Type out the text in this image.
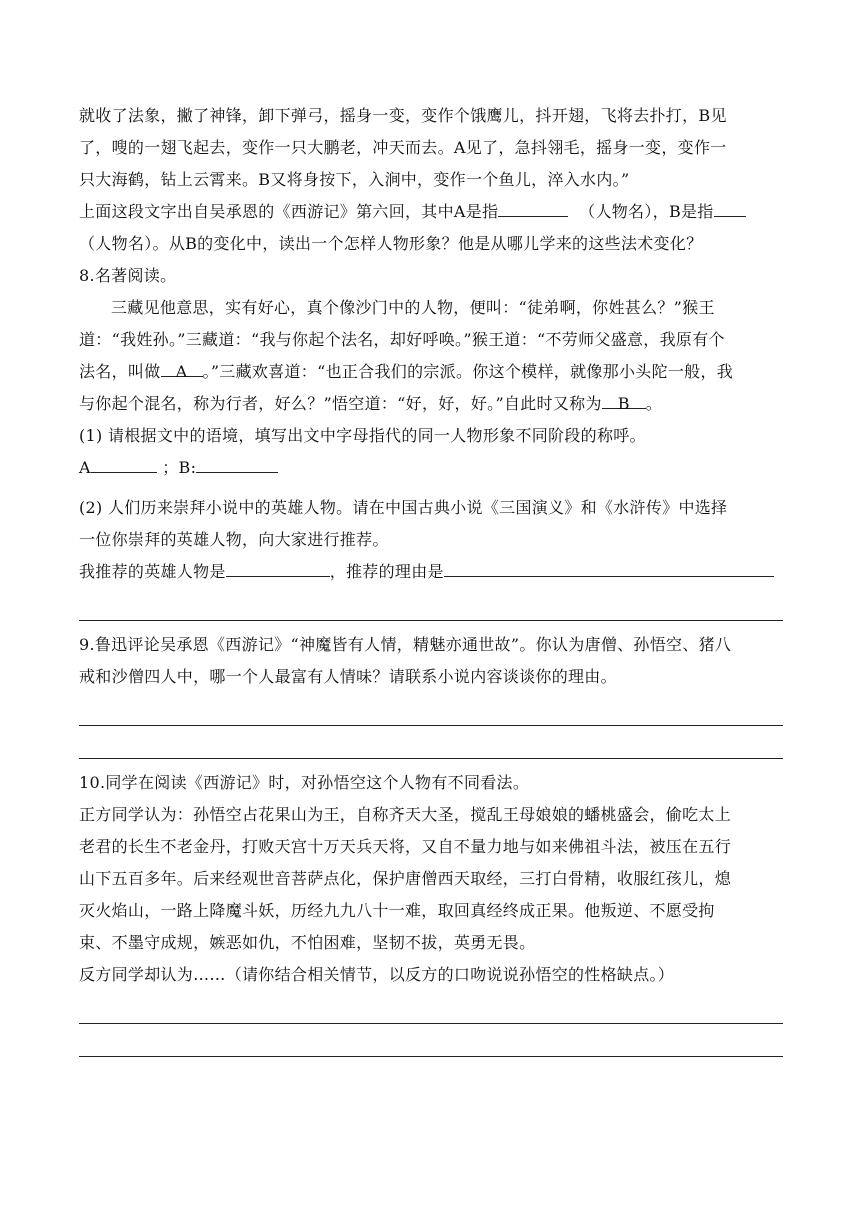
就收了法象，撇了神锋，卸下弹弓，摇身一变，变作个饿鹰儿，抖开翅，飞将去扑打，B见
了，嗖的一翅飞起去，变作一只大鹏老，冲天而去。A见了，急抖翎毛，摇身一变，变作一
只大海鹤，钻上云霄来。B又将身按下，入涧中，变作一个鱼儿，淬入水内。”
上面这段文字出自吴承恩的《西游记》第六回，其中A是指	（人物名），B是指
（人物名）。从B的变化中，读出一个怎样人物形象？他是从哪儿学来的这些法术变化？
8.名著阅读。
三藏见他意思，实有好心，真个像沙门中的人物，便叫：“徒弟啊，你姓甚么？”猴王
道：“我姓孙。”三藏道：“我与你起个法名，却好呼唤。”猴王道：“不劳师父盛意，我原有个
法名，叫做 A 。”三藏欢喜道：“也正合我们的宗派。你这个模样，就像那小头陀一般，我
与你起个混名，称为行者，好么？”悟空道：“好，好，好。”自此时又称为 B 。
(1) 请根据文中的语境，填写出文中字母指代的同一人物形象不同阶段的称呼。
A	；B:
(2) 人们历来崇拜小说中的英雄人物。请在中国古典小说《三国演义》和《水浒传》中选择
一位你崇拜的英雄人物，向大家进行推荐。
我推荐的英雄人物是	，推荐的理由是
9.鲁迅评论吴承恩《西游记》“神魔皆有人情，精魅亦通世故”。你认为唐僧、孙悟空、猪八
戒和沙僧四人中，哪一个人最富有人情味？请联系小说内容谈谈你的理由。
10.同学在阅读《西游记》时，对孙悟空这个人物有不同看法。
正方同学认为：孙悟空占花果山为王，自称齐天大圣，搅乱王母娘娘的蟠桃盛会，偷吃太上
老君的长生不老金丹，打败天宫十万天兵天将，又自不量力地与如来佛祖斗法，被压在五行
山下五百多年。后来经观世音菩萨点化，保护唐僧西天取经，三打白骨精，收服红孩儿，熄
灭火焰山，一路上降魔斗妖，历经九九八十一难，取回真经终成正果。他叛逆、不愿受拘
束、不墨守成规，嫉恶如仇，不怕困难，坚韧不拔，英勇无畏。
反方同学却认为……（请你结合相关情节，以反方的口吻说说孙悟空的性格缺点。）
